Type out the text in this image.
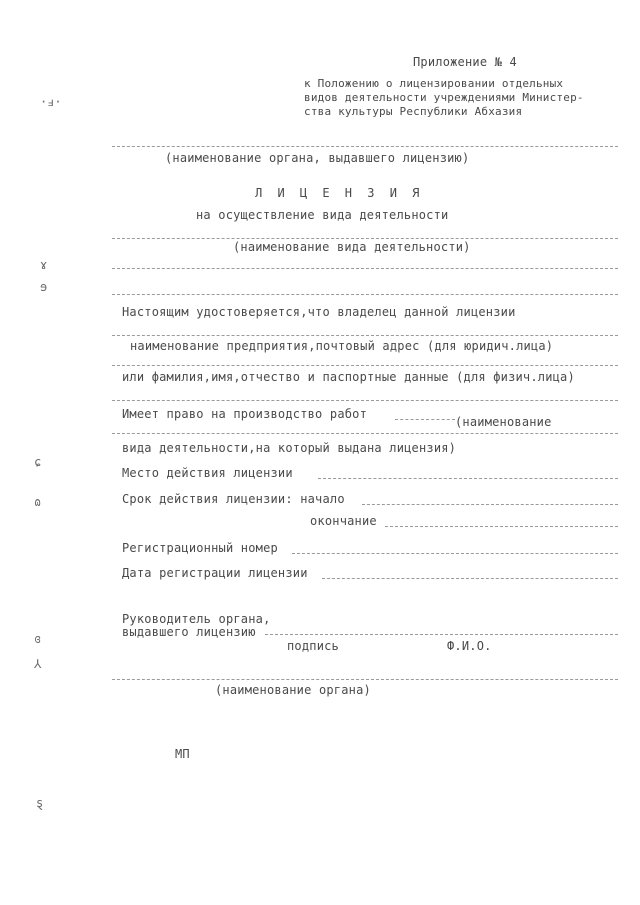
·ⅎ·
ɤ
ɘ
ɕ
ɷ
ɞ
⅄
ȿ
Приложение № 4
к Положению о лицензировании отдельных
видов деятельности учреждениями Министер-
ства культуры Республики Абхазия
(наименование органа, выдавшего лицензию)
Л И Ц Е Н З И Я
на осуществление вида деятельности
(наименование вида деятельности)
Настоящим удостоверяется,что владелец данной лицензии
наименование предприятия,почтовый адрес (для юридич.лица)
или фамилия,имя,отчество и паспортные данные (для физич.лица)
Имеет право на производство работ
(наименование
вида деятельности,на который выдана лицензия)
Место действия лицензии
Срок действия лицензии: начало
окончание
Регистрационный номер
Дата регистрации лицензии
Руководитель органа,
выдавшего лицензию
подпись	Ф.И.О.
(наименование органа)
МП
